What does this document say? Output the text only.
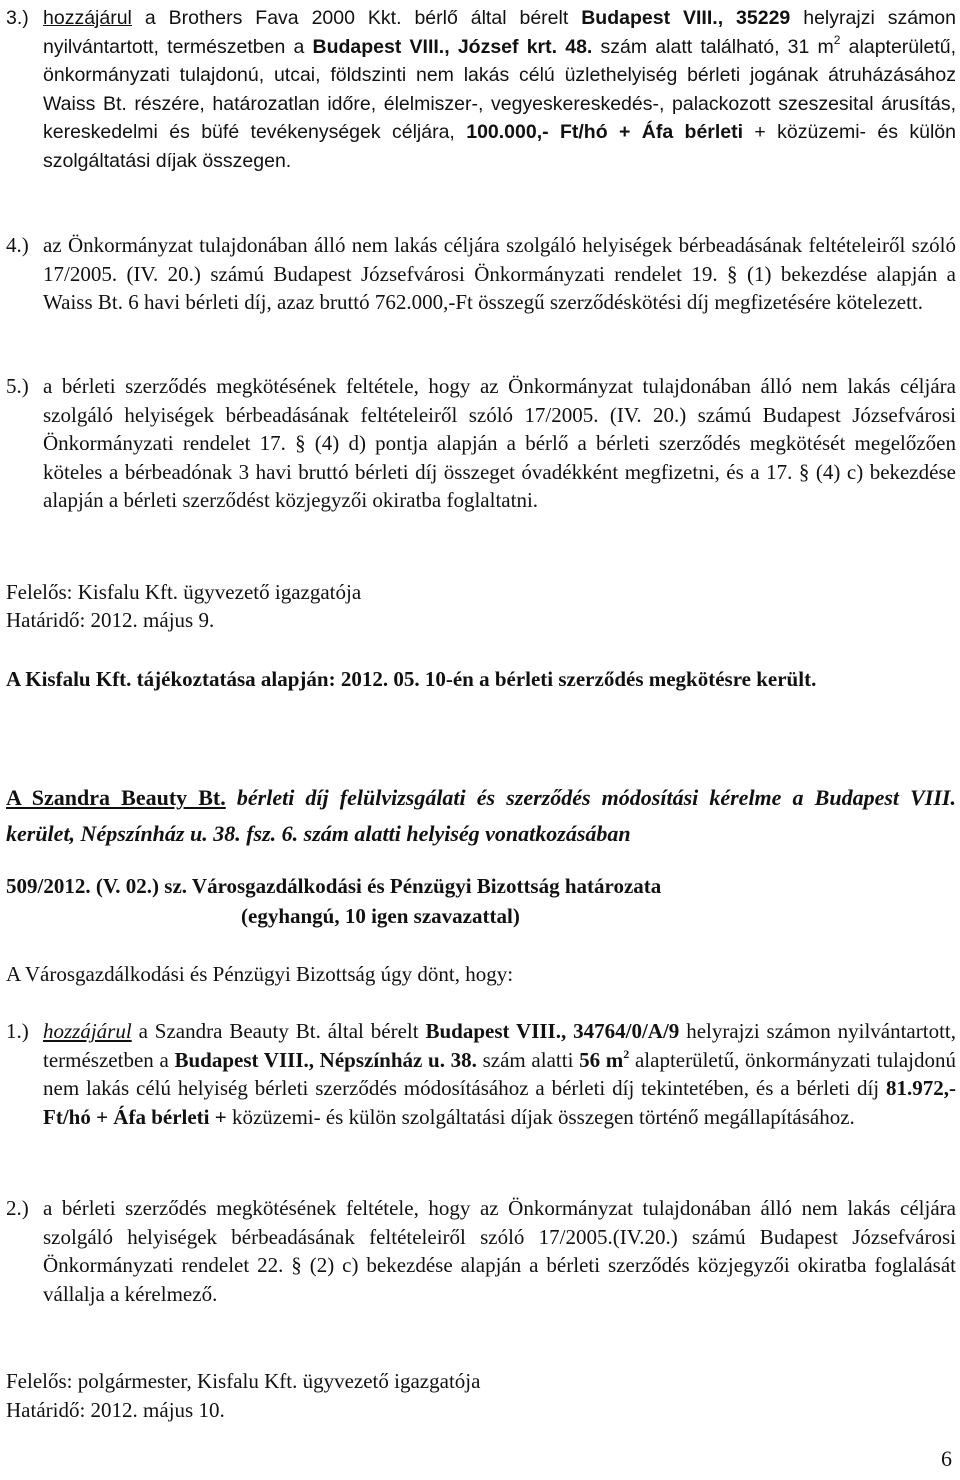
3.) hozzájárul a Brothers Fava 2000 Kkt. bérlő által bérelt Budapest VIII., 35229 helyrajzi számon nyilvántartott, természetben a Budapest VIII., József krt. 48. szám alatt található, 31 $m^2$ alapterületű, önkormányzati tulajdonú, utcai, földszinti nem lakás célú üzlethelyiség bérleti jogának átruházásához Waiss Bt. részére, határozatlan időre, élelmiszer-, vegyeskereskedés-, palackozott szeszesital árusítás, kereskedelmi és büfé tevékenységek céljára, 100.000,- Ft/hó + Áfa bérleti + közüzemi- és külön szolgáltatási díjak összegen.
4.) az Önkormányzat tulajdonában álló nem lakás céljára szolgáló helyiségek bérbeadásának feltételeiről szóló 17/2005. (IV. 20.) számú Budapest Józsefvárosi Önkormányzati rendelet 19. § (1) bekezdése alapján a Waiss Bt. 6 havi bérleti díj, azaz bruttó 762.000,-Ft összegű szerződéskötési díj megfizetésére kötelezett.
5.) a bérleti szerződés megkötésének feltétele, hogy az Önkormányzat tulajdonában álló nem lakás céljára szolgáló helyiségek bérbeadásának feltételeiről szóló 17/2005. (IV. 20.) számú Budapest Józsefvárosi Önkormányzati rendelet 17. § (4) d) pontja alapján a bérlő a bérleti szerződés megkötését megelőzően köteles a bérbeadónak 3 havi bruttó bérleti díj összeget óvadékként megfizetni, és a 17. § (4) c) bekezdése alapján a bérleti szerződést közjegyzői okiratba foglaltatni.
Felelős: Kisfalu Kft. ügyvezető igazgatója
Határidő: 2012. május 9.
A Kisfalu Kft. tájékoztatása alapján: 2012. 05. 10-én a bérleti szerződés megkötésre került.
A Szandra Beauty Bt. bérleti díj felülvizsgálati és szerződés módosítási kérelme a Budapest VIII. kerület, Népszínház u. 38. fsz. 6. szám alatti helyiség vonatkozásában
509/2012. (V. 02.) sz. Városgazdálkodási és Pénzügyi Bizottság határozata
(egyhangú, 10 igen szavazattal)
A Városgazdálkodási és Pénzügyi Bizottság úgy dönt, hogy:
1.) hozzájárul a Szandra Beauty Bt. által bérelt Budapest VIII., 34764/0/A/9 helyrajzi számon nyilvántartott, természetben a Budapest VIII., Népszínház u. 38. szám alatti 56 $m^2$ alapterületű, önkormányzati tulajdonú nem lakás célú helyiség bérleti szerződés módosításához a bérleti díj tekintetében, és a bérleti díj 81.972,-Ft/hó + Áfa bérleti + közüzemi- és külön szolgáltatási díjak összegen történő megállapításához.
2.) a bérleti szerződés megkötésének feltétele, hogy az Önkormányzat tulajdonában álló nem lakás céljára szolgáló helyiségek bérbeadásának feltételeiről szóló 17/2005.(IV.20.) számú Budapest Józsefvárosi Önkormányzati rendelet 22. § (2) c) bekezdése alapján a bérleti szerződés közjegyzői okiratba foglalását vállalja a kérelmező.
Felelős: polgármester, Kisfalu Kft. ügyvezető igazgatója
Határidő: 2012. május 10.
6
